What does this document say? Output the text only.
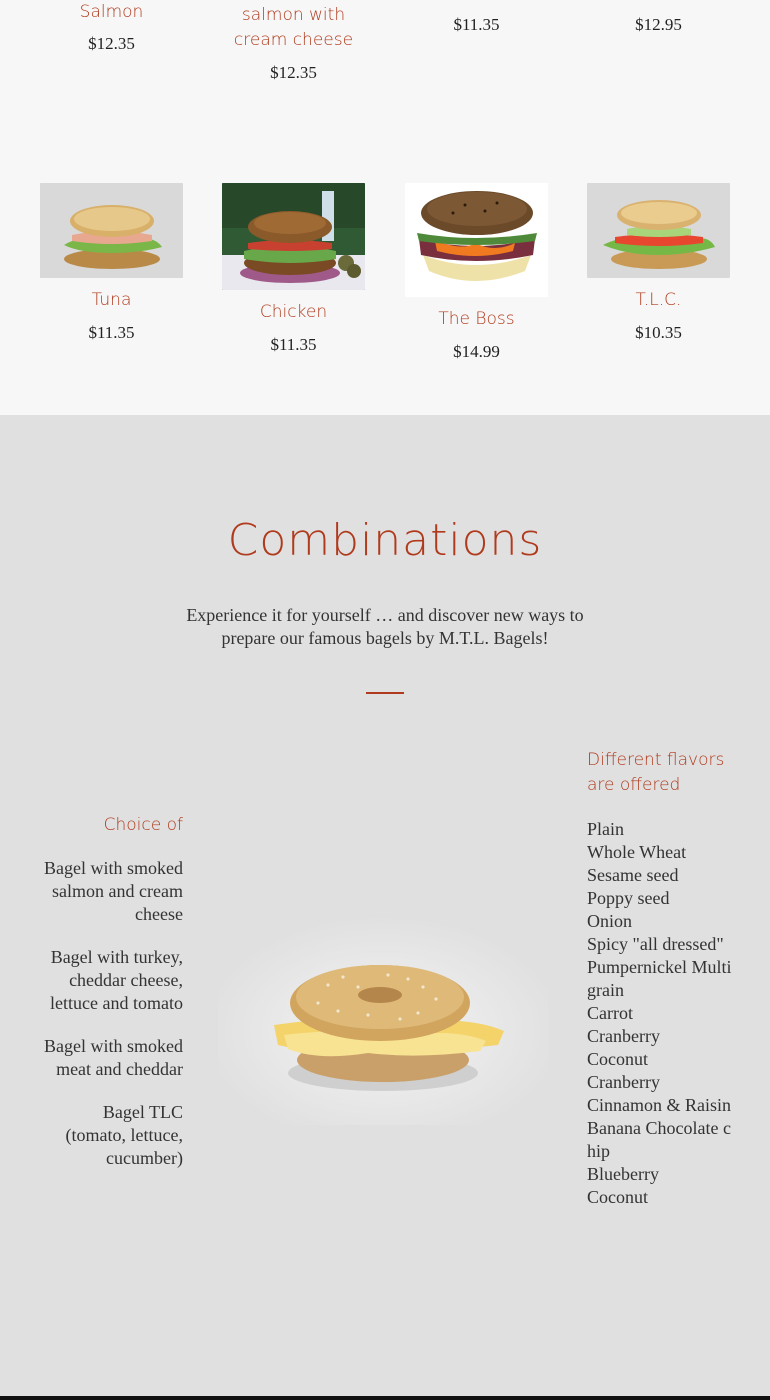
Salmon
$12.35
salmon with cream cheese
$12.35
$11.35	$12.95
Tuna
$11.35
Chicken
$11.35
The Boss
$14.99
T.L.C.
$10.35
Combinations

Experience it for yourself … and discover new ways to prepare our famous bagels by M.T.L. Bagels!

Choice of
Bagel with smoked salmon and cream cheese
Bagel with turkey, cheddar cheese, lettuce and tomato
Bagel with smoked meat and cheddar
Bagel TLC (tomato, lettuce, cucumber)
Different flavors are offered
Plain
Whole Wheat
Sesame seed
Poppy seed
Onion
Spicy "all dressed"
Pumpernickel Multigrain
Carrot
Cranberry
Coconut
Cranberry
Cinnamon & Raisin
Banana Chocolate chip
Blueberry
Coconut
